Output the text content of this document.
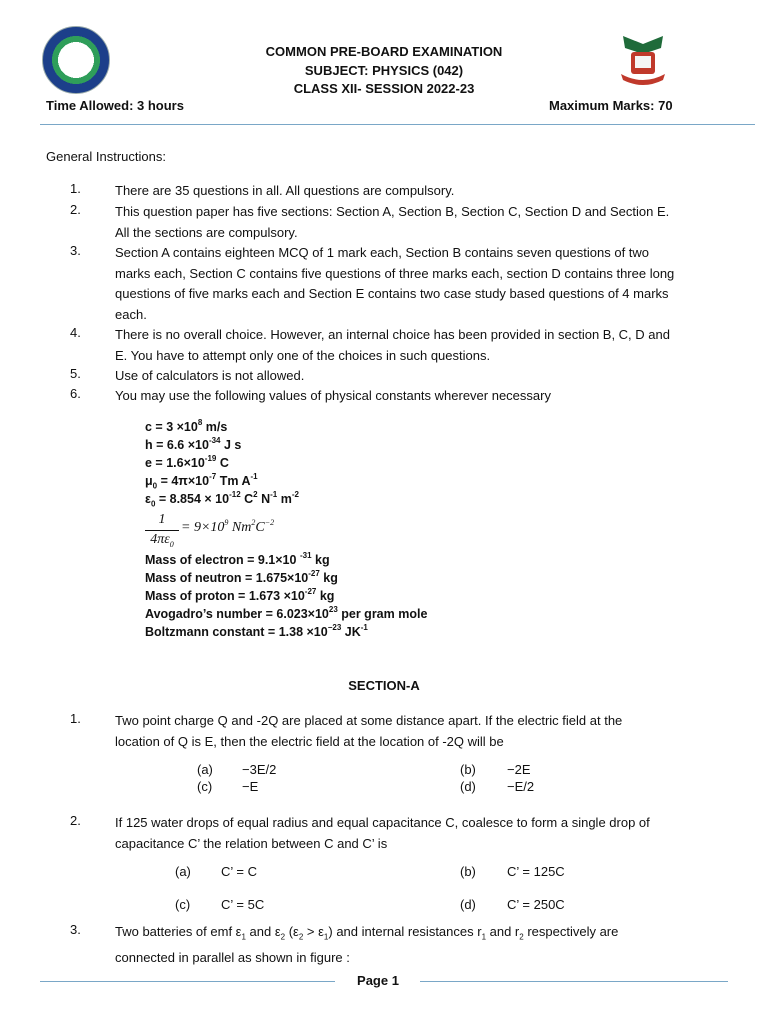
COMMON PRE-BOARD EXAMINATION
SUBJECT: PHYSICS (042)
CLASS XII- SESSION 2022-23
Time Allowed: 3 hours	Maximum Marks: 70
General Instructions:
1.	There are 35 questions in all. All questions are compulsory.
2.	This question paper has five sections: Section A, Section B, Section C, Section D and Section E.
All the sections are compulsory.
3.	Section A contains eighteen MCQ of 1 mark each, Section B contains seven questions of two
marks each, Section C contains five questions of three marks each, section D contains three long
questions of five marks each and Section E contains two case study based questions of 4 marks
each.
4.	There is no overall choice. However, an internal choice has been provided in section B, C, D and
E. You have to attempt only one of the choices in such questions.
5.	Use of calculators is not allowed.
6.	You may use the following values of physical constants wherever necessary
$c = 3 \times 10^8$ m/s
$h = 6.6 \times 10^{-34}$ J s
$e = 1.6\times 10^{-19}$ C
$\mu_0 = 4\pi\times 10^{-7}$ Tm $A^{-1}$
$\varepsilon_0 = 8.854 \times 10^{-12}$ $C^2$ $N^{-1}$ $m^{-2}$
1
$4\pi\varepsilon_0$
= $9\times 10^9$ $Nm^2C^{-2}$
Mass of electron = 9.1×10 $^{-31}$ kg
Mass of neutron = $1.675\times 10^{-27}$ kg
Mass of proton = $1.673 \times 10^{-27}$ kg
Avogadro’s number = $6.023\times 10^{23}$ per gram mole
Boltzmann constant = $1.38 \times 10^{-23}$ $JK^{-1}$
SECTION-A
1.	Two point charge Q and -2Q are placed at some distance apart. If the electric field at the
location of Q is E, then the electric field at the location of -2Q will be
(a) −3E/2	(b) −2E
(c) −E	(d) −E/2
2.	If 125 water drops of equal radius and equal capacitance C, coalesce to form a single drop of
capacitance C’ the relation between C and C’ is
(a) C’ = C	(b) C’ = 125C
(c) C’ = 5C	(d) C’ = 250C
3.	Two batteries of emf $\varepsilon_1$ and $\varepsilon_2$ $(\varepsilon_2 > \varepsilon_1)$ and internal resistances $r_1$ and $r_2$ respectively are
connected in parallel as shown in figure :
Page 1
